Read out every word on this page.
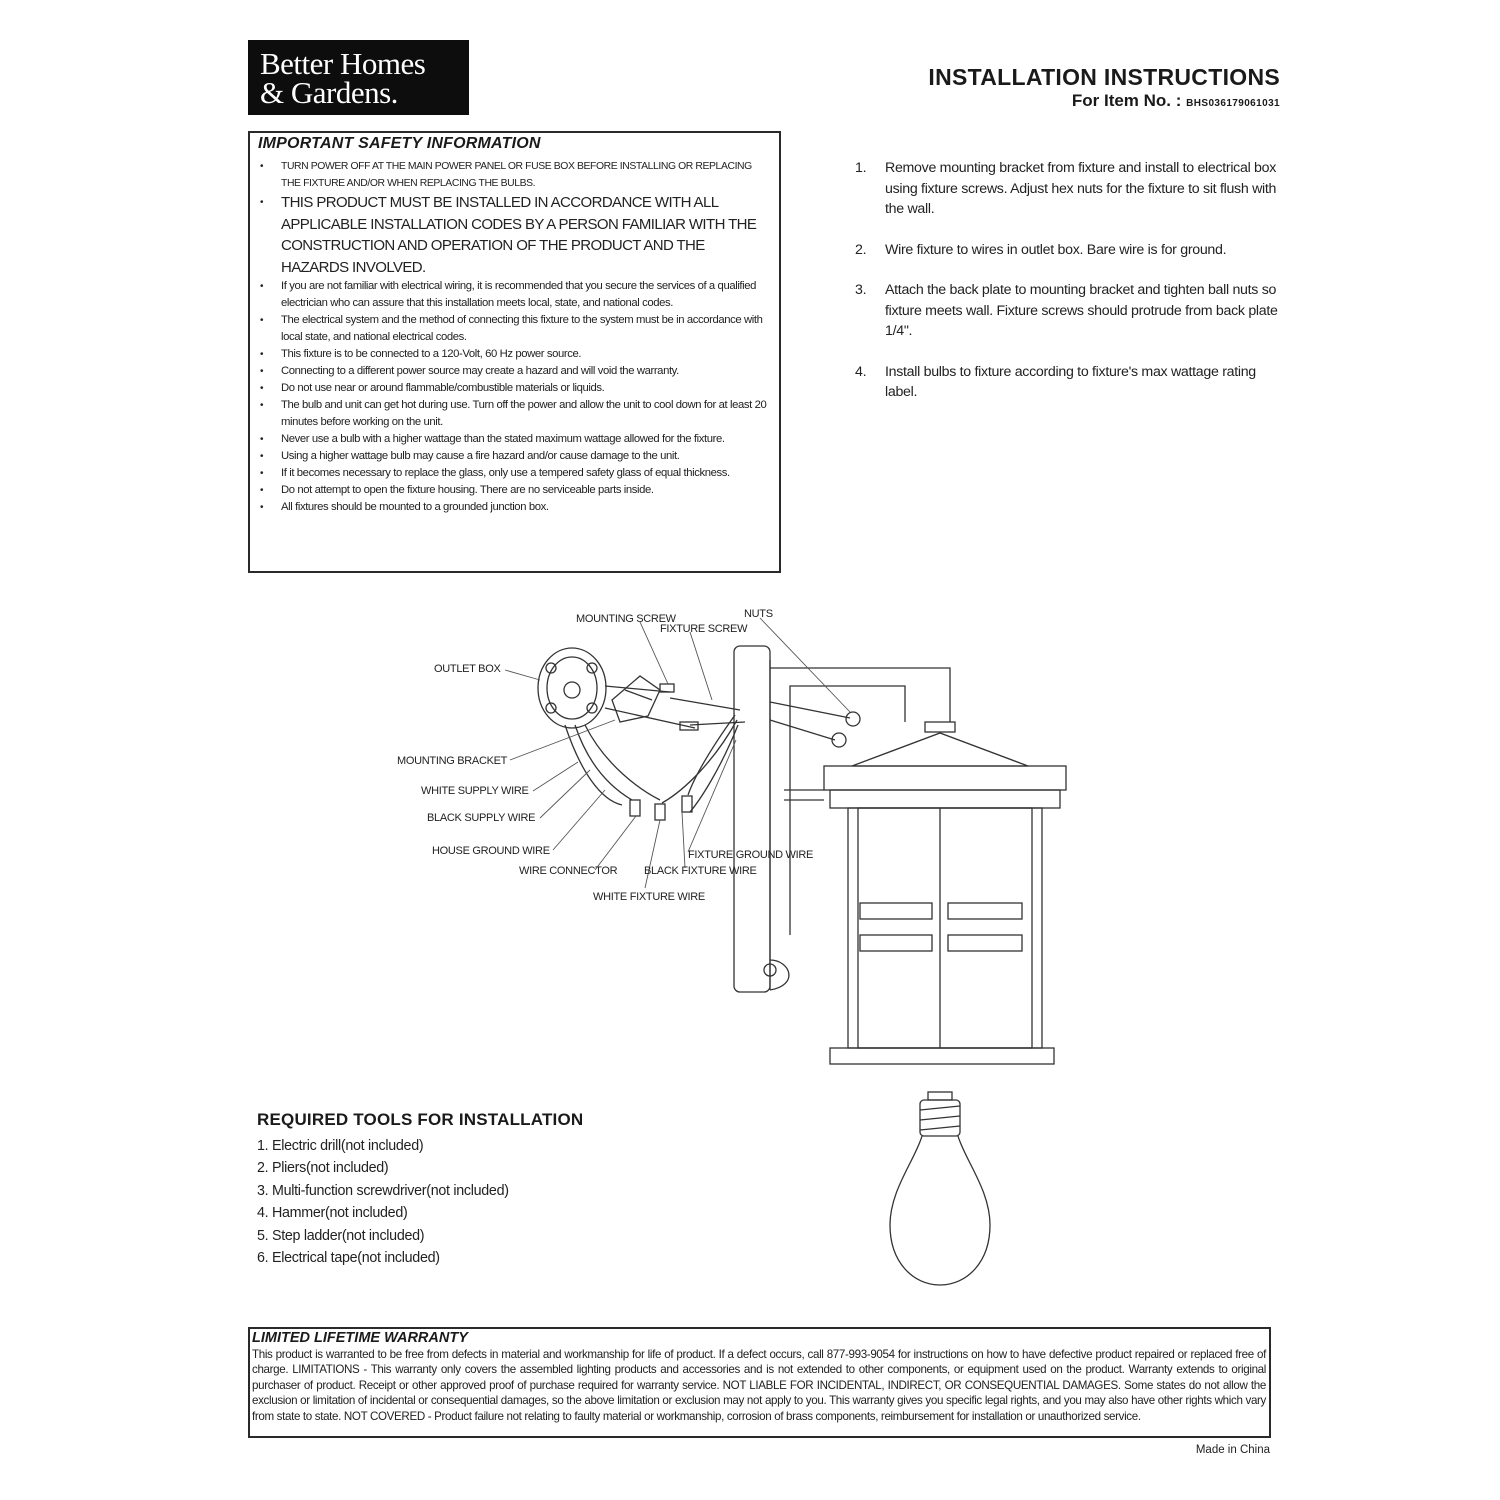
Better Homes
& Gardens.	INSTALLATION INSTRUCTIONS
For Item No. : BHS036179061031
IMPORTANT SAFETY INFORMATION
• TURN POWER OFF AT THE MAIN POWER PANEL OR FUSE BOX BEFORE INSTALLING OR REPLACING THE FIXTURE AND/OR WHEN REPLACING THE BULBS.
• THIS PRODUCT MUST BE INSTALLED IN ACCORDANCE WITH ALL APPLICABLE INSTALLATION CODES BY A PERSON FAMILIAR WITH THE CONSTRUCTION AND OPERATION OF THE PRODUCT AND THE HAZARDS INVOLVED.
• If you are not familiar with electrical wiring, it is recommended that you secure the services of a qualified electrician who can assure that this installation meets local, state, and national codes.
• The electrical system and the method of connecting this fixture to the system must be in accordance with local state, and national electrical codes.
• This fixture is to be connected to a 120-Volt, 60 Hz power source.
• Connecting to a different power source may create a hazard and will void the warranty.
• Do not use near or around flammable/combustible materials or liquids.
• The bulb and unit can get hot during use. Turn off the power and allow the unit to cool down for at least 20 minutes before working on the unit.
• Never use a bulb with a higher wattage than the stated maximum wattage allowed for the fixture.
• Using a higher wattage bulb may cause a fire hazard and/or cause damage to the unit.
• If it becomes necessary to replace the glass, only use a tempered safety glass of equal thickness.
• Do not attempt to open the fixture housing. There are no serviceable parts inside.
• All fixtures should be mounted to a grounded junction box.
1. Remove mounting bracket from fixture and install to electrical box using fixture screws. Adjust hex nuts for the fixture to sit flush with the wall.
2. Wire fixture to wires in outlet box. Bare wire is for ground.
3. Attach the back plate to mounting bracket and tighten ball nuts so fixture meets wall. Fixture screws should protrude from back plate 1/4".
4. Install bulbs to fixture according to fixture's max wattage rating label.
MOUNTING SCREW
FIXTURE SCREW
NUTS
OUTLET BOX
MOUNTING BRACKET
WHITE SUPPLY WIRE
BLACK SUPPLY WIRE
HOUSE GROUND WIRE
WIRE CONNECTOR
WHITE FIXTURE WIRE
BLACK FIXTURE WIRE
FIXTURE GROUND WIRE
REQUIRED TOOLS FOR INSTALLATION
1. Electric drill(not included)
2. Pliers(not included)
3. Multi-function screwdriver(not included)
4. Hammer(not included)
5. Step ladder(not included)
6. Electrical tape(not included)
LIMITED LIFETIME WARRANTY
This product is warranted to be free from defects in material and workmanship for life of product. If a defect occurs, call 877-993-9054 for instructions on how to have defective product repaired or replaced free of charge. LIMITATIONS - This warranty only covers the assembled lighting products and accessories and is not extended to other components, or equipment used on the product. Warranty extends to original purchaser of product. Receipt or other approved proof of purchase required for warranty service. NOT LIABLE FOR INCIDENTAL, INDIRECT, OR CONSEQUENTIAL DAMAGES. Some states do not allow the exclusion or limitation of incidental or consequential damages, so the above limitation or exclusion may not apply to you. This warranty gives you specific legal rights, and you may also have other rights which vary from state to state. NOT COVERED - Product failure not relating to faulty material or workmanship, corrosion of brass components, reimbursement for installation or unauthorized service.
Made in China
